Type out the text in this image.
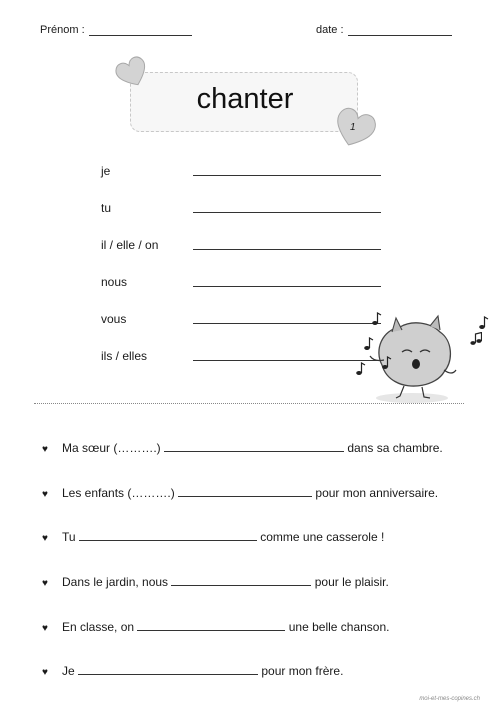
Prénom :	date :
chanter
1
je
tu
il / elle / on
nous
vous
ils / elles
♥ Ma sœur (……….)	dans sa chambre.
♥ Les enfants (……….)	pour mon anniversaire.
♥ Tu	comme une casserole !
♥ Dans le jardin, nous	pour le plaisir.
♥ En classe, on	une belle chanson.
♥ Je	pour mon frère.
moi-et-mes-copines.ch
